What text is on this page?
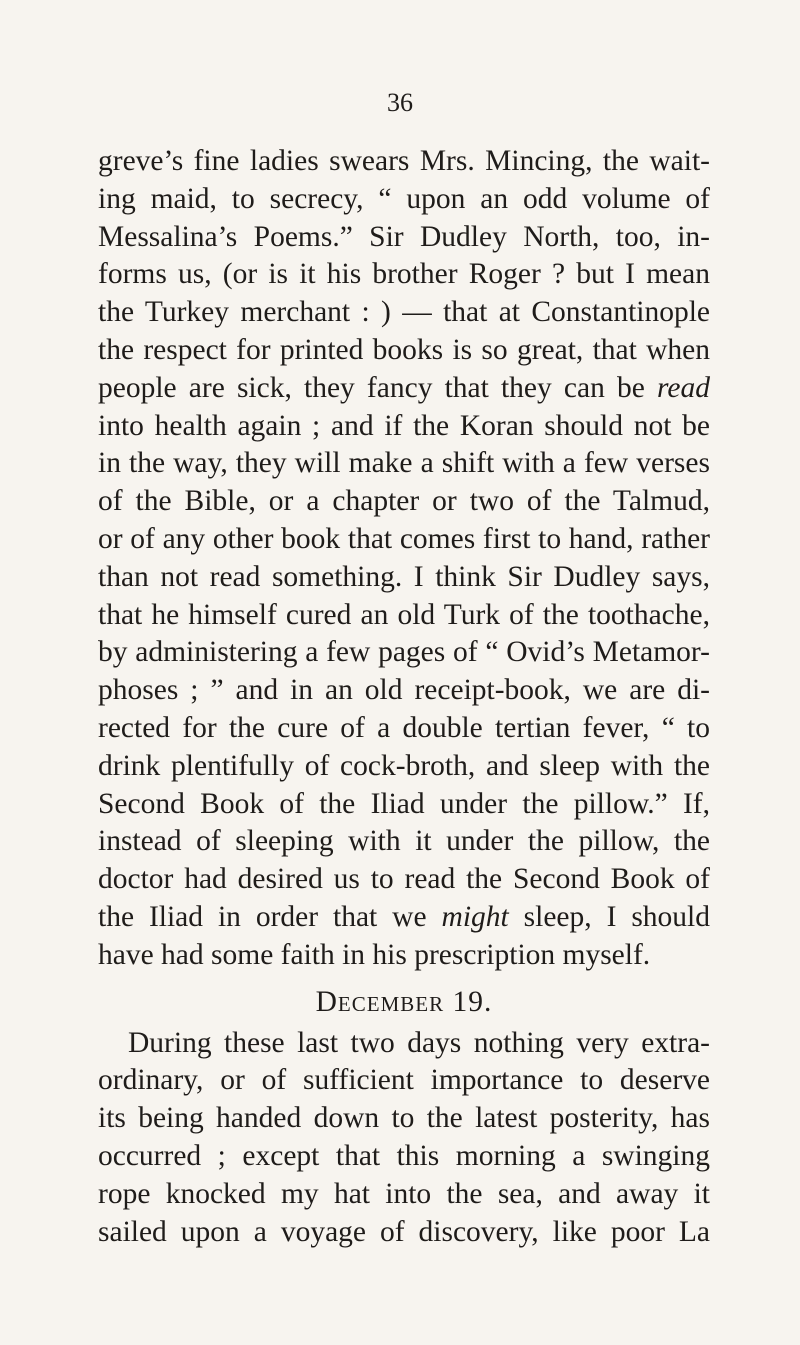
36
greve’s fine ladies swears Mrs. Mincing, the wait-
ing maid, to secrecy, “ upon an odd volume of
Messalina’s Poems.” Sir Dudley North, too, in-
forms us, (or is it his brother Roger ? but I mean
the Turkey merchant : ) — that at Constantinople
the respect for printed books is so great, that when
people are sick, they fancy that they can be read
into health again ; and if the Koran should not be
in the way, they will make a shift with a few verses
of the Bible, or a chapter or two of the Talmud,
or of any other book that comes first to hand, rather
than not read something. I think Sir Dudley says,
that he himself cured an old Turk of the toothache,
by administering a few pages of “ Ovid’s Metamor-
phoses ; ” and in an old receipt-book, we are di-
rected for the cure of a double tertian fever, “ to
drink plentifully of cock-broth, and sleep with the
Second Book of the Iliad under the pillow.” If,
instead of sleeping with it under the pillow, the
doctor had desired us to read the Second Book of
the Iliad in order that we might sleep, I should
have had some faith in his prescription myself.
December 19.
During these last two days nothing very extra-
ordinary, or of sufficient importance to deserve
its being handed down to the latest posterity, has
occurred ; except that this morning a swinging
rope knocked my hat into the sea, and away it
sailed upon a voyage of discovery, like poor La
